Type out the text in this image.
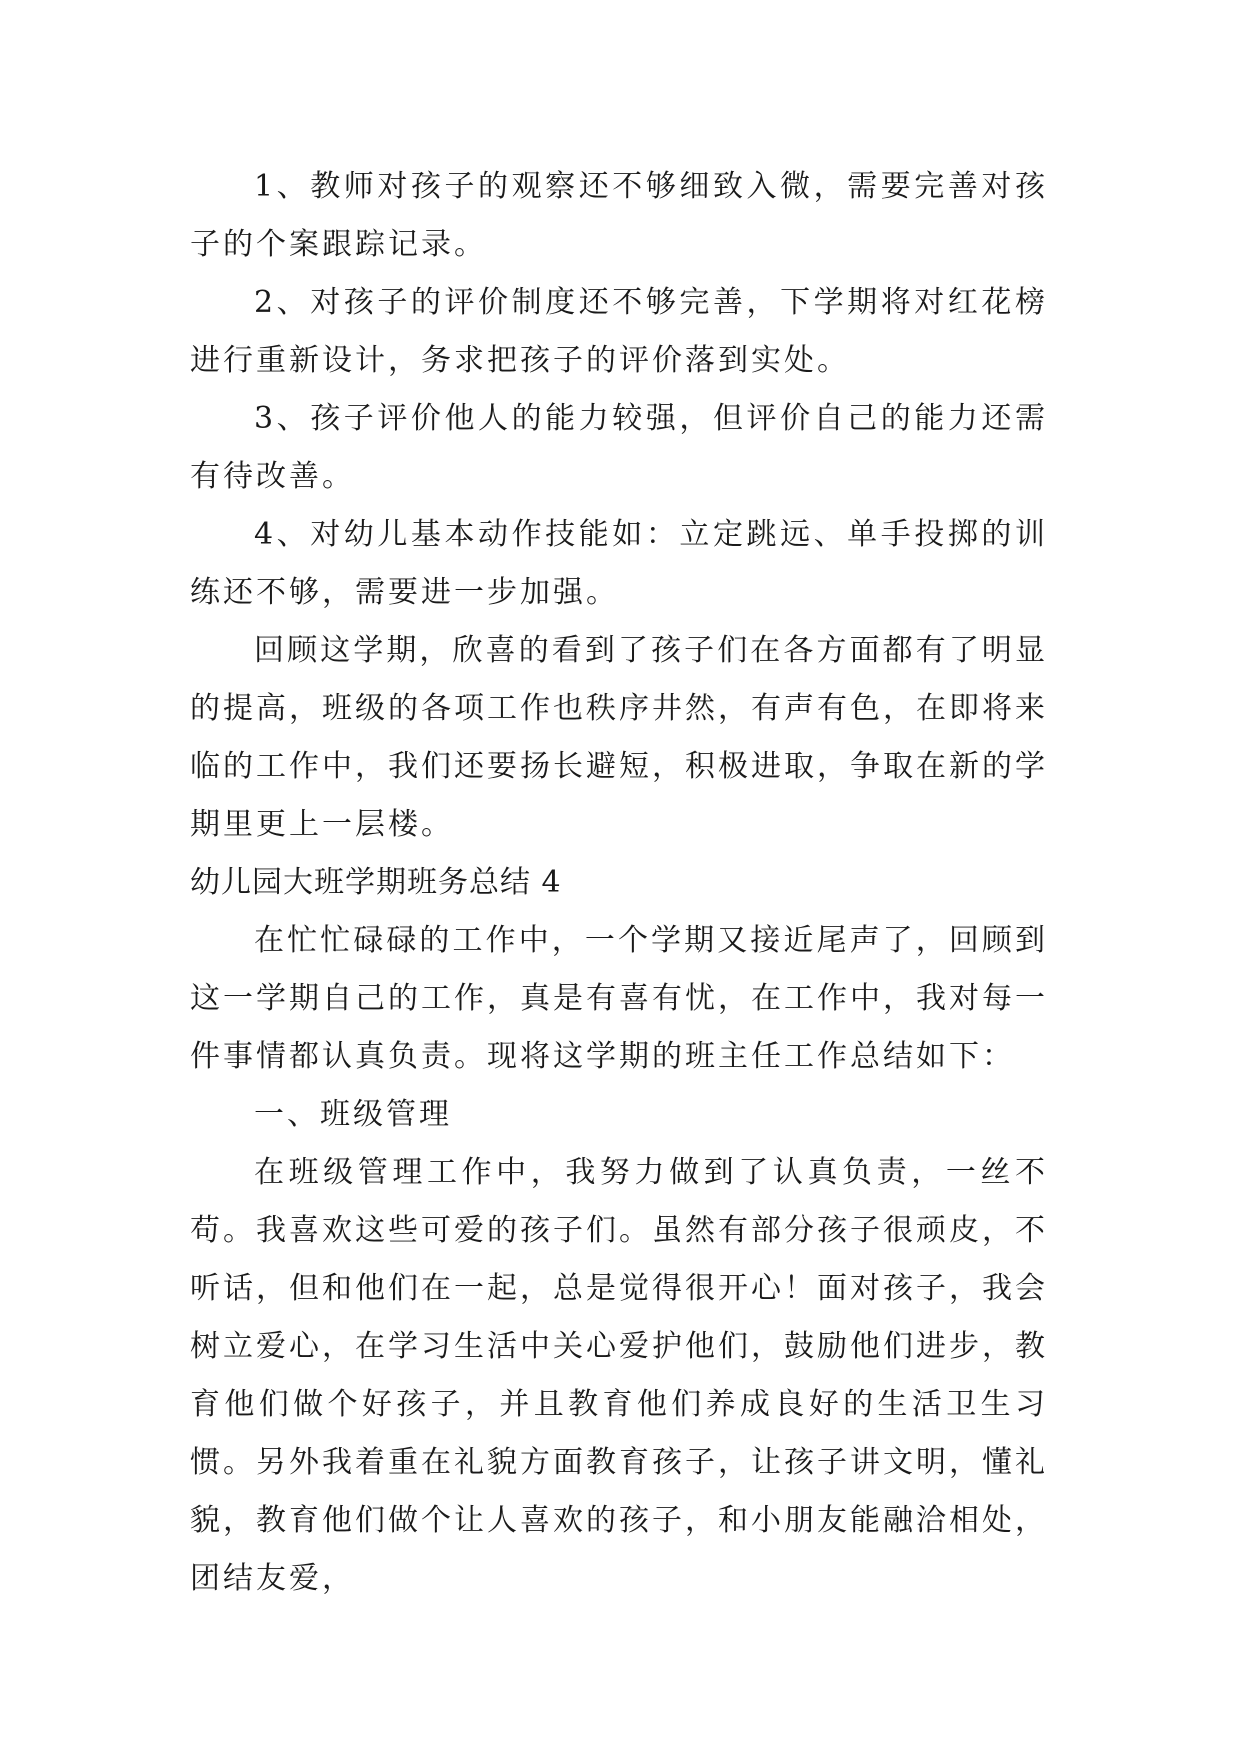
1、教师对孩子的观察还不够细致入微，需要完善对孩子的个案跟踪记录。

2、对孩子的评价制度还不够完善，下学期将对红花榜进行重新设计，务求把孩子的评价落到实处。

3、孩子评价他人的能力较强，但评价自己的能力还需有待改善。

4、对幼儿基本动作技能如：立定跳远、单手投掷的训练还不够，需要进一步加强。

回顾这学期，欣喜的看到了孩子们在各方面都有了明显的提高，班级的各项工作也秩序井然，有声有色，在即将来临的工作中，我们还要扬长避短，积极进取，争取在新的学期里更上一层楼。

幼儿园大班学期班务总结 4

在忙忙碌碌的工作中，一个学期又接近尾声了，回顾到这一学期自己的工作，真是有喜有忧，在工作中，我对每一件事情都认真负责。现将这学期的班主任工作总结如下：

一、班级管理

在班级管理工作中，我努力做到了认真负责，一丝不苟。我喜欢这些可爱的孩子们。虽然有部分孩子很顽皮，不听话，但和他们在一起，总是觉得很开心！面对孩子，我会树立爱心，在学习生活中关心爱护他们，鼓励他们进步，教育他们做个好孩子，并且教育他们养成良好的生活卫生习惯。另外我着重在礼貌方面教育孩子，让孩子讲文明，懂礼貌，教育他们做个让人喜欢的孩子，和小朋友能融洽相处，团结友爱，
